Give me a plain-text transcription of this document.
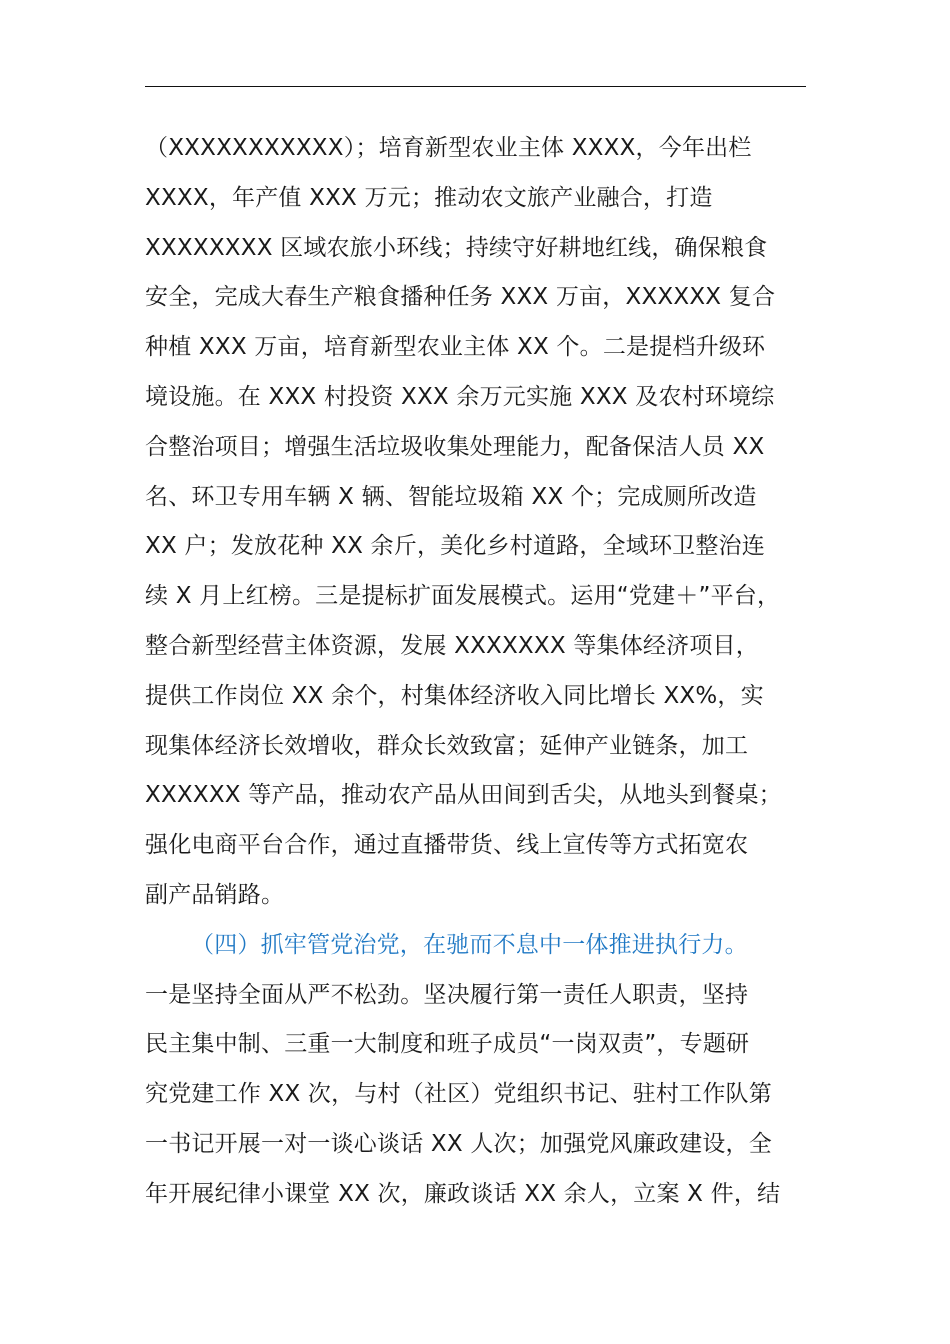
（XXXXXXXXXXX）；培育新型农业主体 XXXX，今年出栏
XXXX，年产值 XXX 万元；推动农文旅产业融合，打造
XXXXXXXX 区域农旅小环线；持续守好耕地红线，确保粮食
安全，完成大春生产粮食播种任务 XXX 万亩，XXXXXX 复合
种植 XXX 万亩，培育新型农业主体 XX 个。二是提档升级环
境设施。在 XXX 村投资 XXX 余万元实施 XXX 及农村环境综
合整治项目；增强生活垃圾收集处理能力，配备保洁人员 XX
名、环卫专用车辆 X 辆、智能垃圾箱 XX 个；完成厕所改造
XX 户；发放花种 XX 余斤，美化乡村道路，全域环卫整治连
续 X 月上红榜。三是提标扩面发展模式。运用“党建＋”平台，
整合新型经营主体资源，发展 XXXXXXX 等集体经济项目，
提供工作岗位 XX 余个，村集体经济收入同比增长 XX%，实
现集体经济长效增收，群众长效致富；延伸产业链条，加工
XXXXXX 等产品，推动农产品从田间到舌尖，从地头到餐桌；
强化电商平台合作，通过直播带货、线上宣传等方式拓宽农
副产品销路。
（四）抓牢管党治党，在驰而不息中一体推进执行力。
一是坚持全面从严不松劲。坚决履行第一责任人职责，坚持
民主集中制、三重一大制度和班子成员“一岗双责”，专题研
究党建工作 XX 次，与村（社区）党组织书记、驻村工作队第
一书记开展一对一谈心谈话 XX 人次；加强党风廉政建设，全
年开展纪律小课堂 XX 次，廉政谈话 XX 余人，立案 X 件，结
